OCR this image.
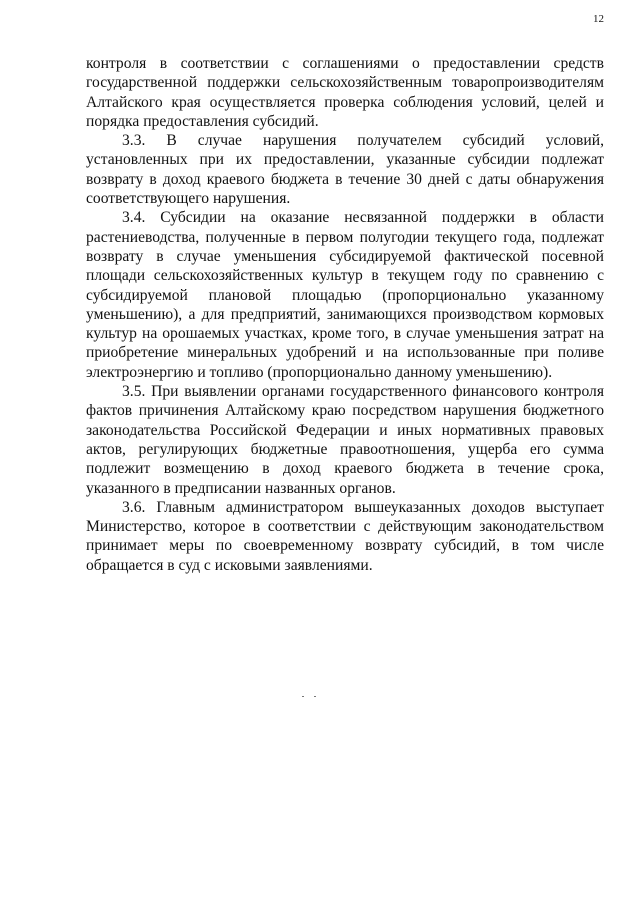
12
контроля в соответствии с соглашениями о предоставлении средств
государственной поддержки сельскохозяйственным товаропроизводителям
Алтайского края осуществляется проверка соблюдения условий, целей и
порядка предоставления субсидий.
3.3. В случае нарушения получателем субсидий условий,
установленных при их предоставлении, указанные субсидии подлежат
возврату в доход краевого бюджета в течение 30 дней с даты обнаружения
соответствующего нарушения.
3.4. Субсидии на оказание несвязанной поддержки в области
растениеводства, полученные в первом полугодии текущего года, подлежат
возврату в случае уменьшения субсидируемой фактической посевной
площади сельскохозяйственных культур в текущем году по сравнению с
субсидируемой плановой площадью (пропорционально указанному
уменьшению), а для предприятий, занимающихся производством кормовых
культур на орошаемых участках, кроме того, в случае уменьшения затрат на
приобретение минеральных удобрений и на использованные при поливе
электроэнергию и топливо (пропорционально данному уменьшению).
3.5. При выявлении органами государственного финансового контроля
фактов причинения Алтайскому краю посредством нарушения бюджетного
законодательства Российской Федерации и иных нормативных правовых
актов, регулирующих бюджетные правоотношения, ущерба его сумма
подлежит возмещению в доход краевого бюджета в течение срока,
указанного в предписании названных органов.
3.6. Главным администратором вышеуказанных доходов выступает
Министерство, которое в соответствии с действующим законодательством
принимает меры по своевременному возврату субсидий, в том числе
обращается в суд с исковыми заявлениями.
